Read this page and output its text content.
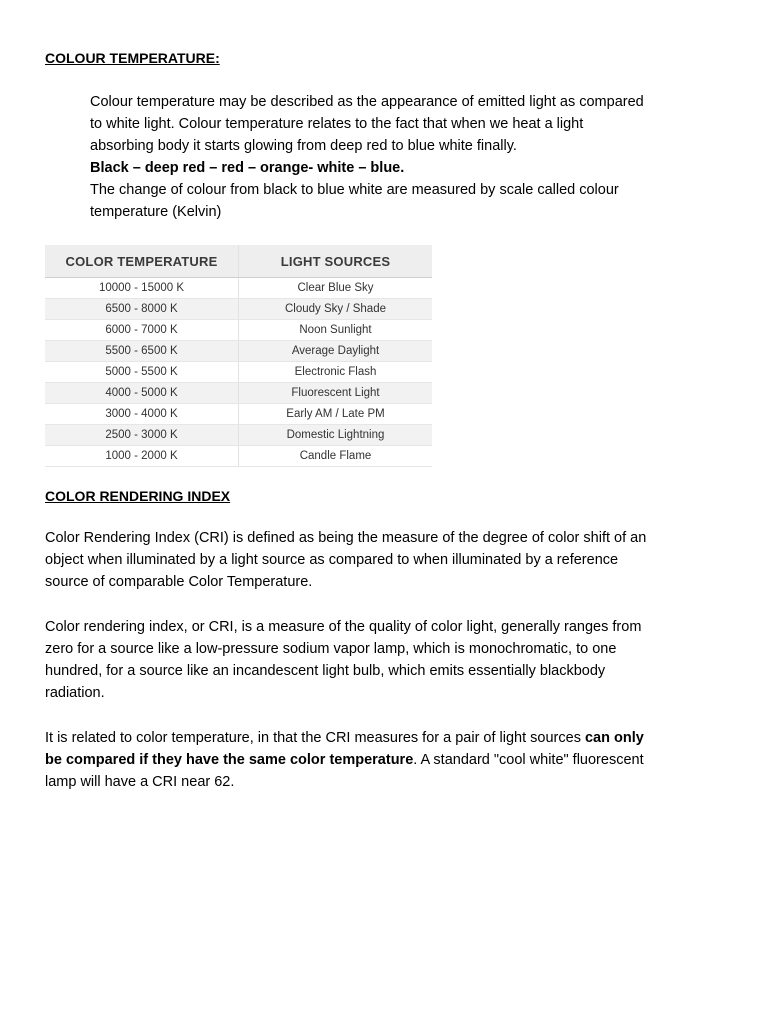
COLOUR TEMPERATURE:

Colour temperature may be described as the appearance of emitted light as compared

to white light. Colour temperature relates to the fact that when we heat a light

absorbing body it starts glowing from deep red to blue white finally.

Black – deep red – red – orange- white – blue.

The change of colour from black to blue white are measured by scale called colour

temperature (Kelvin)

COLOR TEMPERATURE	LIGHT SOURCES
10000 - 15000 K	Clear Blue Sky
6500 - 8000 K	Cloudy Sky / Shade
6000 - 7000 K	Noon Sunlight
5500 - 6500 K	Average Daylight
5000 - 5500 K	Electronic Flash
4000 - 5000 K	Fluorescent Light
3000 - 4000 K	Early AM / Late PM
2500 - 3000 K	Domestic Lightning
1000 - 2000 K	Candle Flame
COLOR RENDERING INDEX

Color Rendering Index (CRI) is defined as being the measure of the degree of color shift of an

object when illuminated by a light source as compared to when illuminated by a reference

source of comparable Color Temperature.

Color rendering index, or CRI, is a measure of the quality of color light, generally ranges from

zero for a source like a low-pressure sodium vapor lamp, which is monochromatic, to one

hundred, for a source like an incandescent light bulb, which emits essentially blackbody

radiation.

It is related to color temperature, in that the CRI measures for a pair of light sources can only

be compared if they have the same color temperature. A standard "cool white" fluorescent

lamp will have a CRI near 62.
